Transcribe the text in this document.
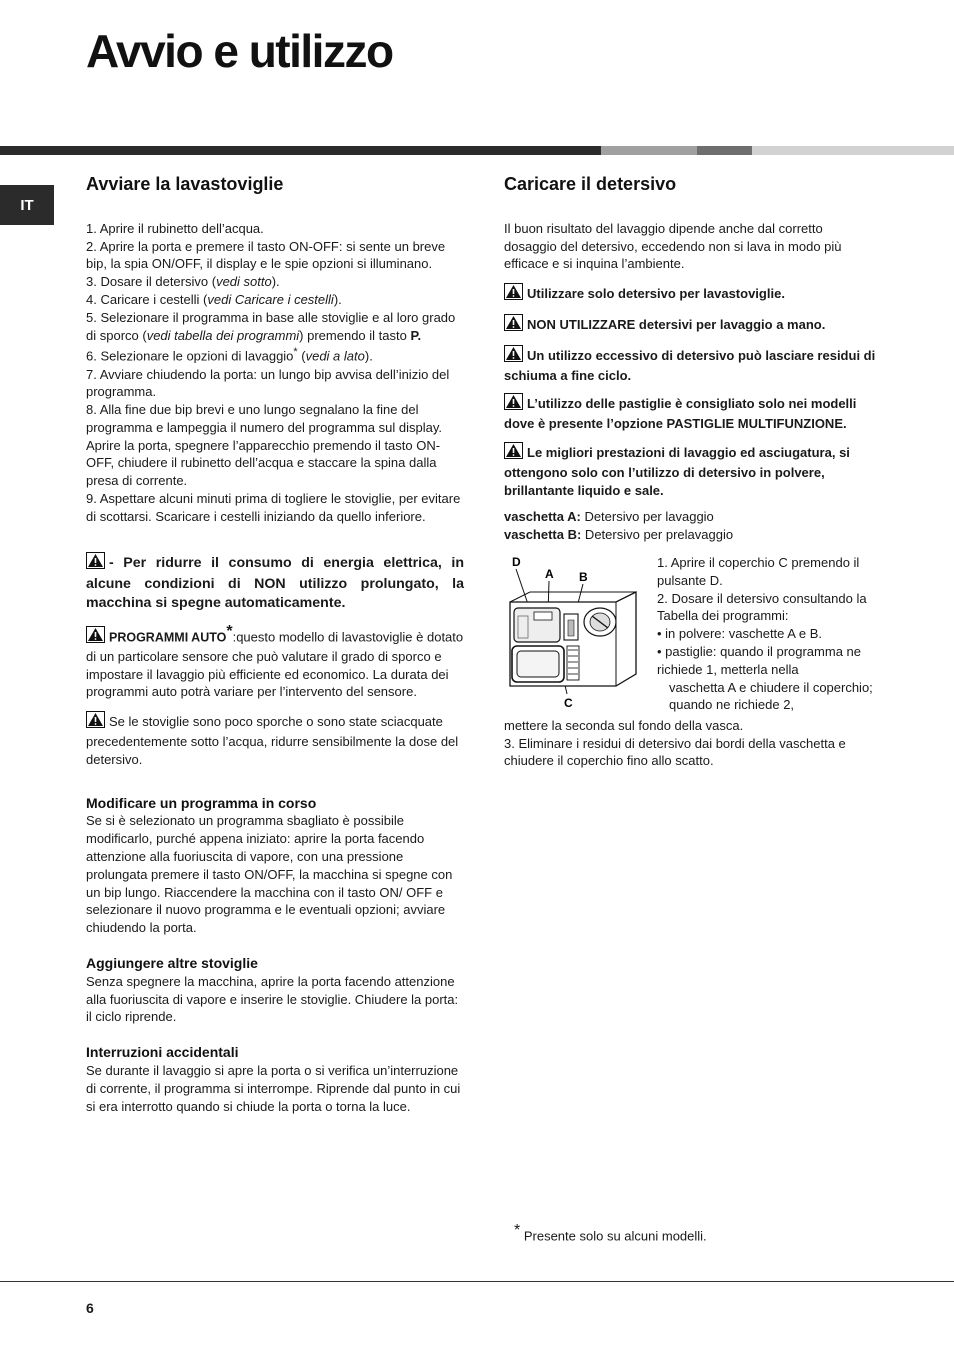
Avvio e utilizzo
IT
Avviare la lavastoviglie

1. Aprire il rubinetto dell’acqua.

2. Aprire la porta e premere il tasto ON-OFF: si sente un breve bip, la spia ON/OFF, il display e le spie opzioni si illuminano.

3. Dosare il detersivo (vedi sotto).

4. Caricare i cestelli (vedi Caricare i cestelli).

5. Selezionare il programma in base alle stoviglie e al loro grado di sporco (vedi tabella dei programmi) premendo il tasto P.

6. Selezionare le opzioni di lavaggio* (vedi a lato).

7. Avviare chiudendo la porta: un lungo bip avvisa dell’inizio del programma.

8. Alla fine due bip brevi e uno lungo segnalano la fine del programma e lampeggia il numero del programma sul display. Aprire la porta, spegnere l’apparecchio premendo il tasto ON-OFF, chiudere il rubinetto dell’acqua e staccare la spina dalla presa di corrente.

9. Aspettare alcuni minuti prima di togliere le stoviglie, per evitare di scottarsi. Scaricare i cestelli iniziando da quello inferiore.

- Per ridurre il consumo di energia elettrica, in alcune condizioni di NON utilizzo prolungato, la macchina si spegne automaticamente.

PROGRAMMI AUTO*:questo modello di lavastoviglie è dotato di un particolare sensore che può valutare il grado di sporco e impostare il lavaggio più efficiente ed economico. La durata dei programmi auto potrà variare per l’intervento del sensore.

Se le stoviglie sono poco sporche o sono state sciacquate precedentemente sotto l’acqua, ridurre sensibilmente la dose del detersivo.

Modificare un programma in corso

Se si è selezionato un programma sbagliato è possibile modificarlo, purché appena iniziato: aprire la porta facendo attenzione alla fuoriuscita di vapore, con una pressione prolungata premere il tasto ON/OFF, la macchina si spegne con un bip lungo. Riaccendere la macchina con il tasto ON/ OFF e selezionare il nuovo programma e le eventuali opzioni; avviare chiudendo la porta.

Aggiungere altre stoviglie

Senza spegnere la macchina, aprire la porta facendo attenzione alla fuoriuscita di vapore e inserire le stoviglie. Chiudere la porta: il ciclo riprende.

Interruzioni accidentali

Se durante il lavaggio si apre la porta o si verifica un’interruzione di corrente, il programma si interrompe. Riprende dal punto in cui si era interrotto quando si chiude la porta o torna la luce.

Caricare il detersivo

Il buon risultato del lavaggio dipende anche dal corretto dosaggio del detersivo, eccedendo non si lava in modo più efficace e si inquina l’ambiente.

Utilizzare solo detersivo per lavastoviglie.

NON UTILIZZARE detersivi per lavaggio a mano.

Un utilizzo eccessivo di detersivo può lasciare residui di schiuma a fine ciclo.

L’utilizzo delle pastiglie è consigliato solo nei modelli dove è presente l’opzione PASTIGLIE MULTIFUNZIONE.

Le migliori prestazioni di lavaggio ed asciugatura, si ottengono solo con l’utilizzo di detersivo in polvere, brillantante liquido e sale.

vaschetta A: Detersivo per lavaggio

vaschetta B: Detersivo per prelavaggio

D
A B
C

1. Aprire il coperchio C premendo il pulsante D.

2. Dosare il detersivo consultando la Tabella dei programmi:

• in polvere: vaschette A e B.

• pastiglie: quando il programma ne richiede 1, metterla nella

vaschetta A e chiudere il coperchio; quando ne richiede 2,

mettere la seconda sul fondo della vasca.

3. Eliminare i residui di detersivo dai bordi della vaschetta e chiudere il coperchio fino allo scatto.

* Presente solo su alcuni modelli.
6
